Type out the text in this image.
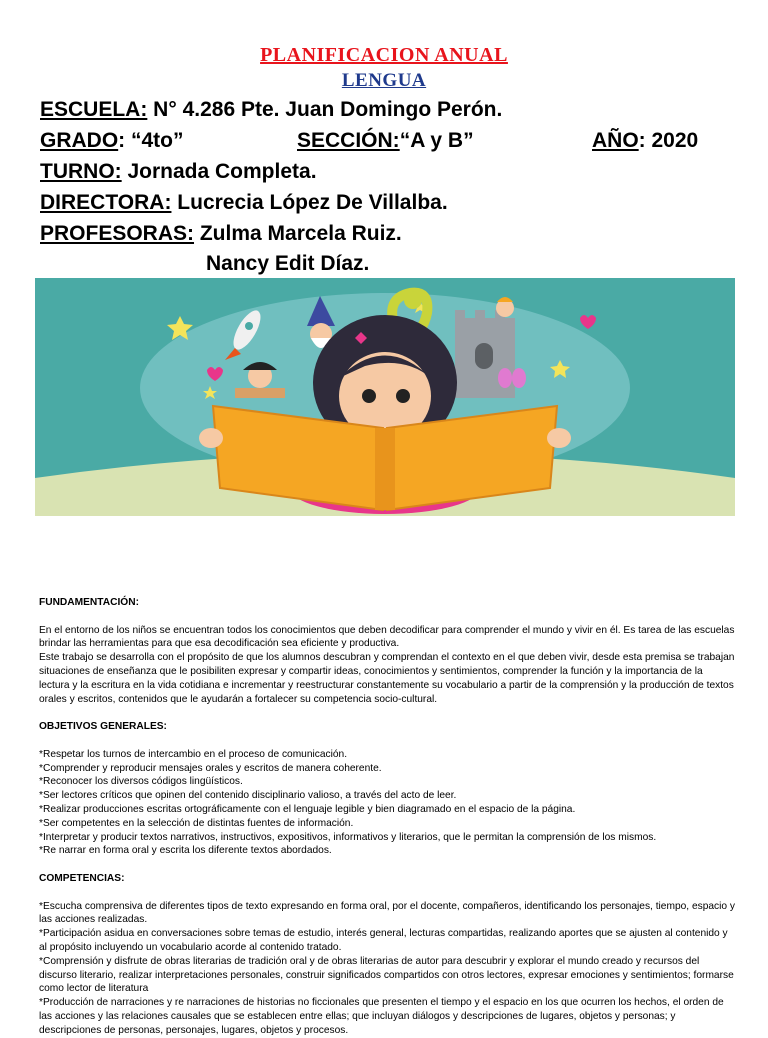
PLANIFICACION ANUAL
LENGUA
ESCUELA: N° 4.286 Pte. Juan Domingo Perón.
GRADO: “4to”	SECCIÓN:“A y B”	AÑO: 2020
TURNO: Jornada Completa.
DIRECTORA: Lucrecia López De Villalba.
PROFESORAS: Zulma Marcela Ruiz.
Nancy Edit Díaz.

FUNDAMENTACIÓN:

En el entorno de los niños se encuentran todos los conocimientos que deben decodificar para comprender el mundo y vivir en él. Es tarea de las escuelas brindar las herramientas para que esa decodificación sea eficiente y productiva.

Este trabajo se desarrolla con el propósito de que los alumnos descubran y comprendan el contexto en el que deben vivir, desde esta premisa se trabajan situaciones de enseñanza que le posibiliten expresar y compartir ideas, conocimientos y sentimientos, comprender la función y la importancia de la lectura y la escritura en la vida cotidiana e incrementar y reestructurar constantemente su vocabulario a partir de la comprensión y la producción de textos orales y escritos, contenidos que le ayudarán a fortalecer su competencia socio-cultural.

OBJETIVOS GENERALES:

*Respetar los turnos de intercambio en el proceso de comunicación.

*Comprender y reproducir mensajes orales y escritos de manera coherente.

*Reconocer los diversos códigos lingüísticos.

*Ser lectores críticos que opinen del contenido disciplinario valioso, a través del acto de leer.

*Realizar producciones escritas ortográficamente con el lenguaje legible y bien diagramado en el espacio de la página.

*Ser competentes en la selección de distintas fuentes de información.

*Interpretar y producir textos narrativos, instructivos, expositivos, informativos y literarios, que le permitan la comprensión de los mismos.

*Re narrar en forma oral y escrita los diferente textos abordados.

COMPETENCIAS:

*Escucha comprensiva de diferentes tipos de texto expresando en forma oral, por el docente, compañeros, identificando los personajes, tiempo, espacio y las acciones realizadas.

*Participación asidua en conversaciones sobre temas de estudio, interés general, lecturas compartidas, realizando aportes que se ajusten al contenido y al propósito incluyendo un vocabulario acorde al contenido tratado.

*Comprensión y disfrute de obras literarias de tradición oral y de obras literarias de autor para descubrir y explorar el mundo creado y recursos del discurso literario, realizar interpretaciones personales, construir significados compartidos con otros lectores, expresar emociones y sentimientos; formarse como lector de literatura

*Producción de narraciones y re narraciones de historias no ficcionales que presenten el tiempo y el espacio en los que ocurren los hechos, el orden de las acciones y las relaciones causales que se establecen entre ellas; que incluyan diálogos y descripciones de lugares, objetos y personas; y descripciones de personas, personajes, lugares, objetos y procesos.
